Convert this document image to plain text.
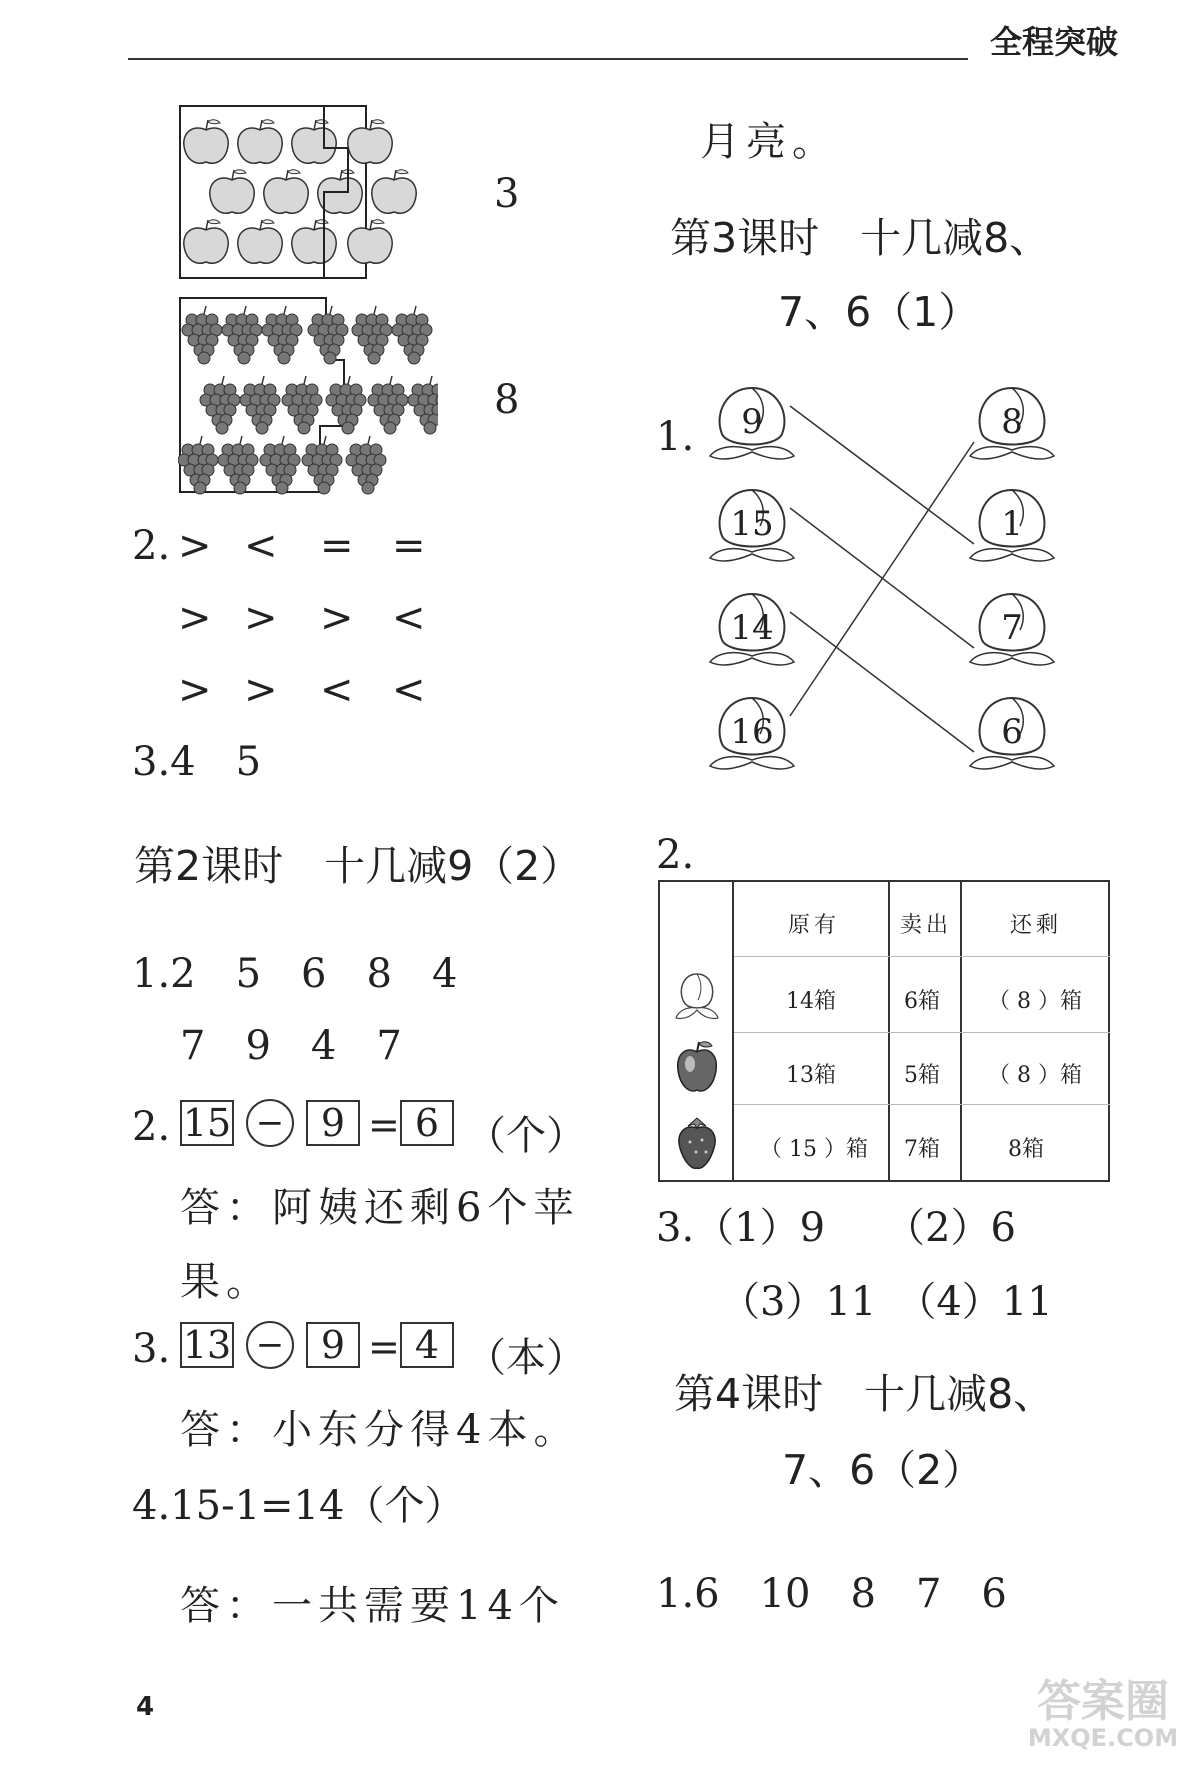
全程突破
3
8
2. > < = =
> > > <
> > < <
3.4　5
第2课时　十几减9（2）
1.2　5　6　8　4
7　9　4　7
2. 15 − 9 = 6 （个）
答：阿姨还剩6个苹
果。
3. 13 − 9 = 4 （本）
答：小东分得4本。
4.15-1=14（个）
答：一共需要14个
4
月亮。
第3课时　十几减8、
7、6（1）
1. 9
15
14
16
8
1
7
6
2.
原有	卖出	还剩
14箱	6箱 （ 8 ）箱
13箱	5箱 （ 8 ）箱
（ 15 ）箱 7箱	8箱
3.（1）9　　（2）6
（3）11　（4）11
第4课时　十几减8、
7、6（2）
1.6　10　8　7　6
答案圈
MXQE.COM
